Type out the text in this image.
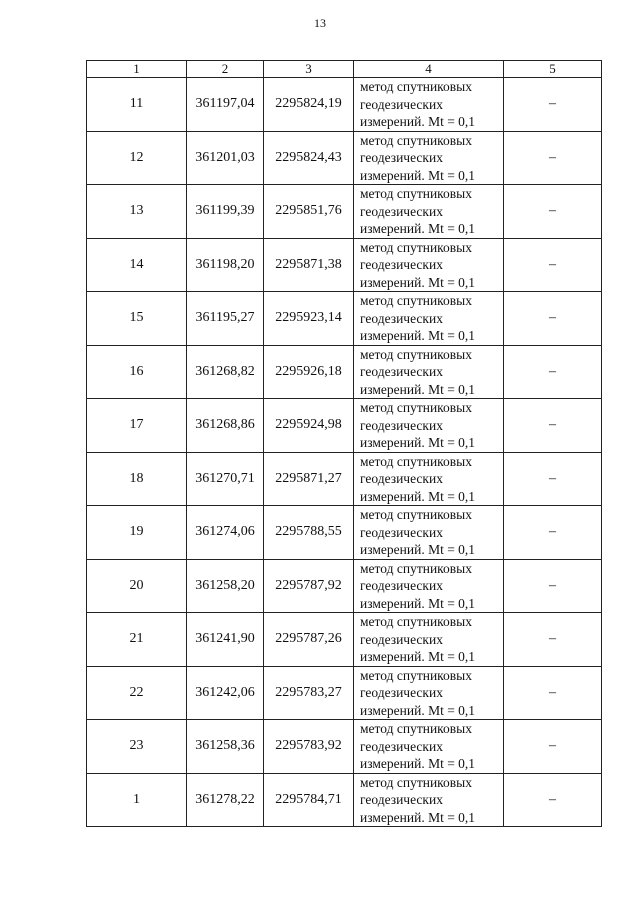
13
1	2	3	4	5
11	361197,04	2295824,19	метод спутниковых
геодезических
измерений. Mt = 0,1	–
12	361201,03	2295824,43	метод спутниковых
геодезических
измерений. Mt = 0,1	–
13	361199,39	2295851,76	метод спутниковых
геодезических
измерений. Mt = 0,1	–
14	361198,20	2295871,38	метод спутниковых
геодезических
измерений. Mt = 0,1	–
15	361195,27	2295923,14	метод спутниковых
геодезических
измерений. Mt = 0,1	–
16	361268,82	2295926,18	метод спутниковых
геодезических
измерений. Mt = 0,1	–
17	361268,86	2295924,98	метод спутниковых
геодезических
измерений. Mt = 0,1	–
18	361270,71	2295871,27	метод спутниковых
геодезических
измерений. Mt = 0,1	–
19	361274,06	2295788,55	метод спутниковых
геодезических
измерений. Mt = 0,1	–
20	361258,20	2295787,92	метод спутниковых
геодезических
измерений. Mt = 0,1	–
21	361241,90	2295787,26	метод спутниковых
геодезических
измерений. Mt = 0,1	–
22	361242,06	2295783,27	метод спутниковых
геодезических
измерений. Mt = 0,1	–
23	361258,36	2295783,92	метод спутниковых
геодезических
измерений. Mt = 0,1	–
1	361278,22	2295784,71	метод спутниковых
геодезических
измерений. Mt = 0,1	–
